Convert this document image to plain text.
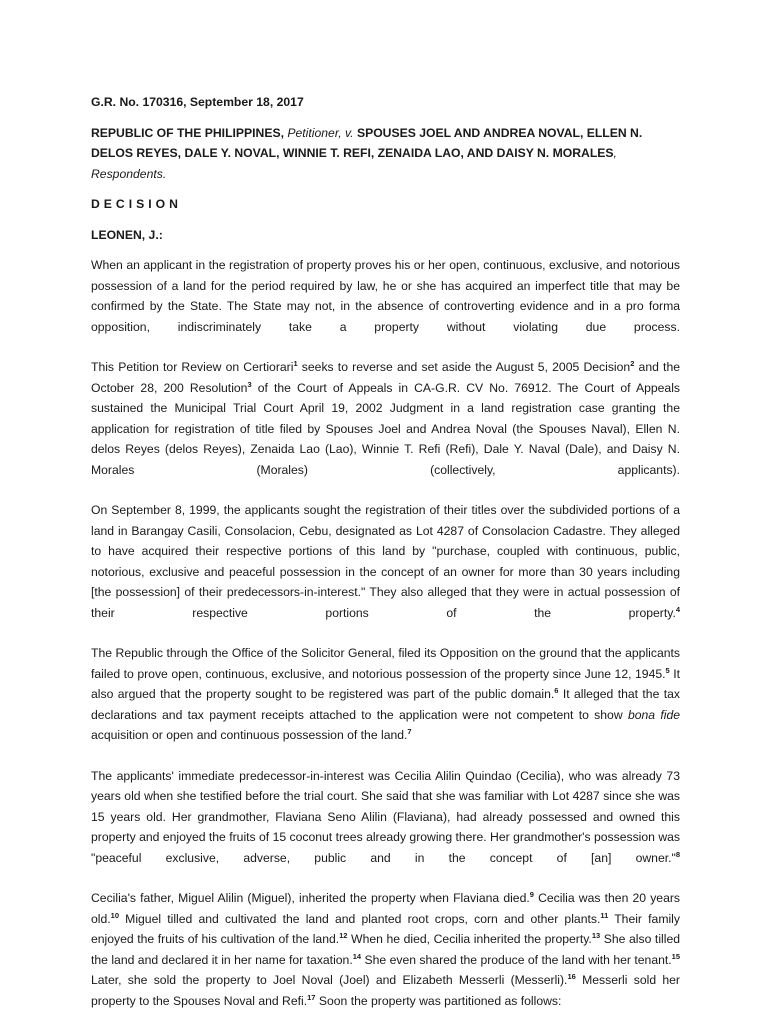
G.R. No. 170316, September 18, 2017
REPUBLIC OF THE PHILIPPINES, Petitioner, v. SPOUSES JOEL AND ANDREA NOVAL, ELLEN N. DELOS REYES, DALE Y. NOVAL, WINNIE T. REFI, ZENAIDA LAO, AND DAISY N. MORALES, Respondents.
DECISION
LEONEN, J.:

When an applicant in the registration of property proves his or her open, continuous, exclusive, and notorious possession of a land for the period required by law, he or she has acquired an imperfect title that may be confirmed by the State. The State may not, in the absence of controverting evidence and in a pro forma opposition, indiscriminately take a property without violating due process.

This Petition tor Review on Certiorari$^1$ seeks to reverse and set aside the August 5, 2005 Decision$^2$ and the October 28, 200 Resolution$^3$ of the Court of Appeals in CA-G.R. CV No. 76912. The Court of Appeals sustained the Municipal Trial Court April 19, 2002 Judgment in a land registration case granting the application for registration of title filed by Spouses Joel and Andrea Noval (the Spouses Naval), Ellen N. delos Reyes (delos Reyes), Zenaida Lao (Lao), Winnie T. Refi (Refi), Dale Y. Naval (Dale), and Daisy N. Morales (Morales) (collectively, applicants).

On September 8, 1999, the applicants sought the registration of their titles over the subdivided portions of a land in Barangay Casili, Consolacion, Cebu, designated as Lot 4287 of Consolacion Cadastre. They alleged to have acquired their respective portions of this land by "purchase, coupled with continuous, public, notorious, exclusive and peaceful possession in the concept of an owner for more than 30 years including [the possession] of their predecessors-in-interest." They also alleged that they were in actual possession of their respective portions of the property.$^4$

The Republic through the Office of the Solicitor General, filed its Opposition on the ground that the applicants failed to prove open, continuous, exclusive, and notorious possession of the property since June 12, 1945.$^5$ It also argued that the property sought to be registered was part of the public domain.$^6$ It alleged that the tax declarations and tax payment receipts attached to the application were not competent to show bona fide acquisition or open and continuous possession of the land.$^7$

The applicants' immediate predecessor-in-interest was Cecilia Alilin Quindao (Cecilia), who was already 73 years old when she testified before the trial court. She said that she was familiar with Lot 4287 since she was 15 years old. Her grandmother, Flaviana Seno Alilin (Flaviana), had already possessed and owned this property and enjoyed the fruits of 15 coconut trees already growing there. Her grandmother's possession was "peaceful exclusive, adverse, public and in the concept of [an] owner."$^8$

Cecilia's father, Miguel Alilin (Miguel), inherited the property when Flaviana died.$^9$ Cecilia was then 20 years old.$^{10}$ Miguel tilled and cultivated the land and planted root crops, corn and other plants.$^{11}$ Their family enjoyed the fruits of his cultivation of the land.$^{12}$ When he died, Cecilia inherited the property.$^{13}$ She also tilled the land and declared it in her name for taxation.$^{14}$ She even shared the produce of the land with her tenant.$^{15}$ Later, she sold the property to Joel Noval (Joel) and Elizabeth Messerli (Messerli).$^{16}$ Messerli sold her property to the Spouses Noval and Refi.$^{17}$ Soon the property was partitioned as follows:
